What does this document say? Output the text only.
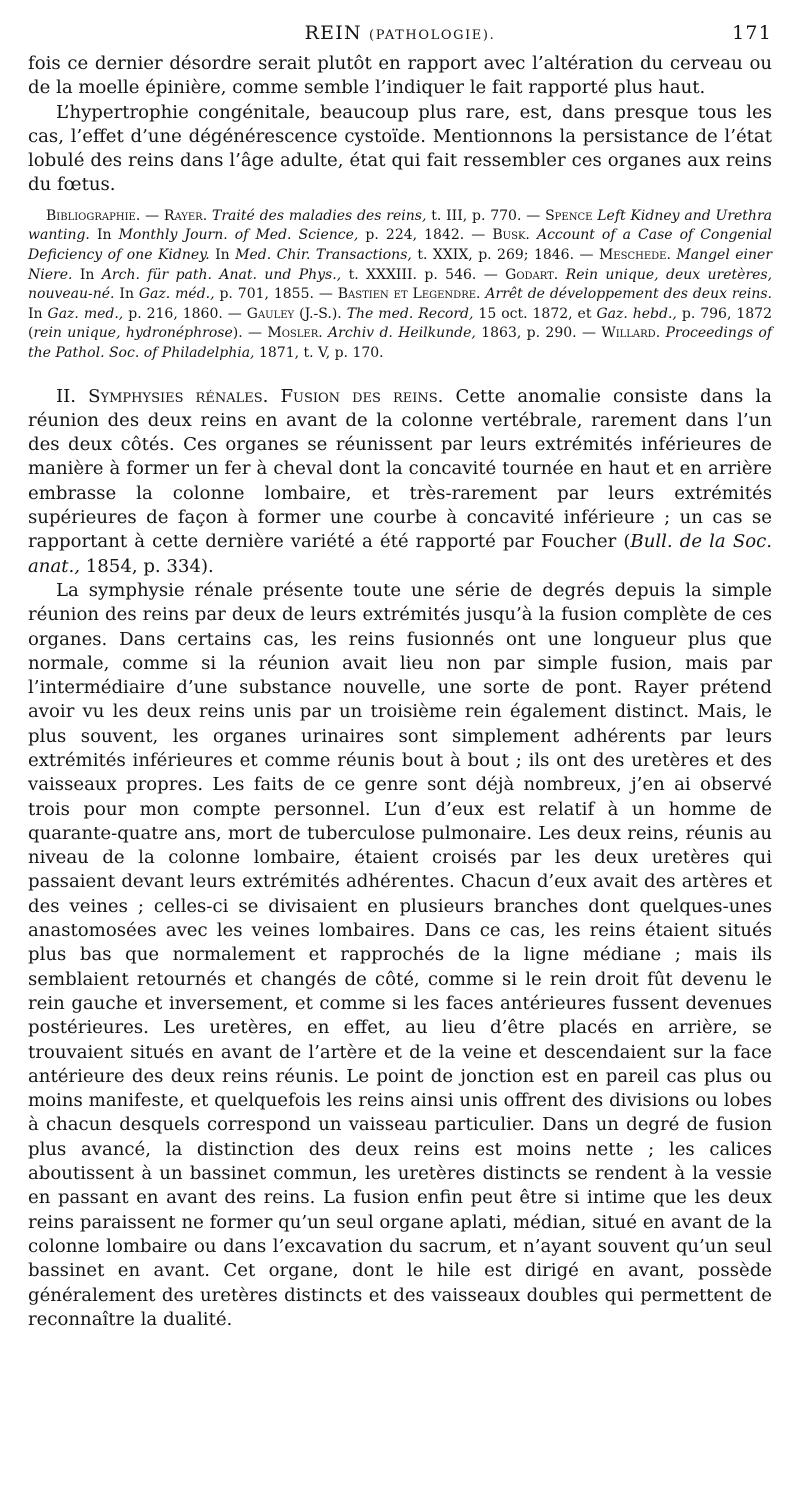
REIN (PATHOLOGIE).	171

fois ce dernier désordre serait plutôt en rapport avec l’altération du cerveau ou de la moelle épinière, comme semble l’indiquer le fait rapporté plus haut.

L’hypertrophie congénitale, beaucoup plus rare, est, dans presque tous les cas, l’effet d’une dégénérescence cystoïde. Mentionnons la persistance de l’état lobulé des reins dans l’âge adulte, état qui fait ressembler ces organes aux reins du fœtus.

Bibliographie. — Rayer. Traité des maladies des reins, t. III, p. 770. — Spence Left Kidney and Urethra wanting. In Monthly Journ. of Med. Science, p. 224, 1842. — Busk. Account of a Case of Congenial Deficiency of one Kidney. In Med. Chir. Transactions, t. XXIX, p. 269; 1846. — Meschede. Mangel einer Niere. In Arch. für path. Anat. und Phys., t. XXXIII. p. 546. — Godart. Rein unique, deux uretères, nouveau-né. In Gaz. méd., p. 701, 1855. — Bastien et Legendre. Arrêt de développement des deux reins. In Gaz. med., p. 216, 1860. — Gauley (J.-S.). The med. Record, 15 oct. 1872, et Gaz. hebd., p. 796, 1872 (rein unique, hydronéphrose). — Mosler. Archiv d. Heilkunde, 1863, p. 290. — Willard. Proceedings of the Pathol. Soc. of Philadelphia, 1871, t. V, p. 170.

II. Symphysies rénales. Fusion des reins. Cette anomalie consiste dans la réunion des deux reins en avant de la colonne vertébrale, rarement dans l’un des deux côtés. Ces organes se réunissent par leurs extrémités inférieures de manière à former un fer à cheval dont la concavité tournée en haut et en arrière embrasse la colonne lombaire, et très-rarement par leurs extrémités supérieures de façon à former une courbe à concavité inférieure ; un cas se rapportant à cette dernière variété a été rapporté par Foucher (Bull. de la Soc. anat., 1854, p. 334).

La symphysie rénale présente toute une série de degrés depuis la simple réunion des reins par deux de leurs extrémités jusqu’à la fusion complète de ces organes. Dans certains cas, les reins fusionnés ont une longueur plus que normale, comme si la réunion avait lieu non par simple fusion, mais par l’intermédiaire d’une substance nouvelle, une sorte de pont. Rayer prétend avoir vu les deux reins unis par un troisième rein également distinct. Mais, le plus souvent, les organes urinaires sont simplement adhérents par leurs extrémités inférieures et comme réunis bout à bout ; ils ont des uretères et des vaisseaux propres. Les faits de ce genre sont déjà nombreux, j’en ai observé trois pour mon compte personnel. L’un d’eux est relatif à un homme de quarante-quatre ans, mort de tuberculose pulmonaire. Les deux reins, réunis au niveau de la colonne lombaire, étaient croisés par les deux uretères qui passaient devant leurs extrémités adhérentes. Chacun d’eux avait des artères et des veines ; celles-ci se divisaient en plusieurs branches dont quelques-unes anastomosées avec les veines lombaires. Dans ce cas, les reins étaient situés plus bas que normalement et rapprochés de la ligne médiane ; mais ils semblaient retournés et changés de côté, comme si le rein droit fût devenu le rein gauche et inversement, et comme si les faces antérieures fussent devenues postérieures. Les uretères, en effet, au lieu d’être placés en arrière, se trouvaient situés en avant de l’artère et de la veine et descendaient sur la face antérieure des deux reins réunis. Le point de jonction est en pareil cas plus ou moins manifeste, et quelquefois les reins ainsi unis offrent des divisions ou lobes à chacun desquels correspond un vaisseau particulier. Dans un degré de fusion plus avancé, la distinction des deux reins est moins nette ; les calices aboutissent à un bassinet commun, les uretères distincts se rendent à la vessie en passant en avant des reins. La fusion enfin peut être si intime que les deux reins paraissent ne former qu’un seul organe aplati, médian, situé en avant de la colonne lombaire ou dans l’excavation du sacrum, et n’ayant souvent qu’un seul bassinet en avant. Cet organe, dont le hile est dirigé en avant, possède généralement des uretères distincts et des vaisseaux doubles qui permettent de reconnaître la dualité.
